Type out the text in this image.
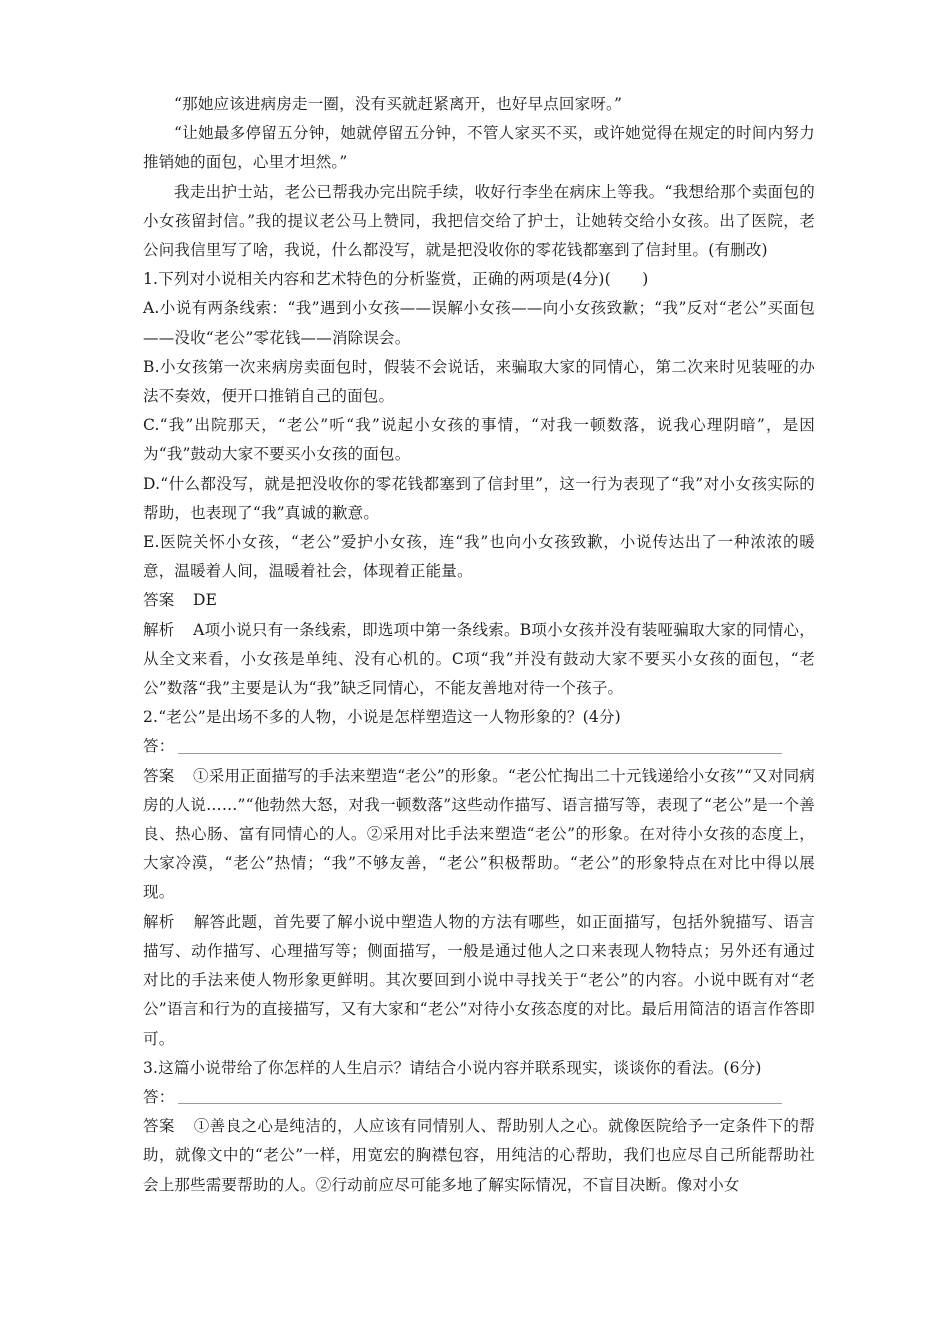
“那她应该进病房走一圈，没有买就赶紧离开，也好早点回家呀。”

“让她最多停留五分钟，她就停留五分钟，不管人家买不买，或许她觉得在规定的时间内努力推销她的面包，心里才坦然。”

我走出护士站，老公已帮我办完出院手续，收好行李坐在病床上等我。“我想给那个卖面包的小女孩留封信。”我的提议老公马上赞同，我把信交给了护士，让她转交给小女孩。出了医院，老公问我信里写了啥，我说，什么都没写，就是把没收你的零花钱都塞到了信封里。(有删改)

1.下列对小说相关内容和艺术特色的分析鉴赏，正确的两项是(4分)(　　)

A.小说有两条线索：“我”遇到小女孩——误解小女孩——向小女孩致歉；“我”反对“老公”买面包——没收“老公”零花钱——消除误会。

B.小女孩第一次来病房卖面包时，假装不会说话，来骗取大家的同情心，第二次来时见装哑的办法不奏效，便开口推销自己的面包。

C.“我”出院那天，“老公”听“我”说起小女孩的事情，“对我一顿数落，说我心理阴暗”，是因为“我”鼓动大家不要买小女孩的面包。

D.“什么都没写，就是把没收你的零花钱都塞到了信封里”，这一行为表现了“我”对小女孩实际的帮助，也表现了“我”真诚的歉意。

E.医院关怀小女孩，“老公”爱护小女孩，连“我”也向小女孩致歉，小说传达出了一种浓浓的暖意，温暖着人间，温暖着社会，体现着正能量。

答案 DE

解析 A项小说只有一条线索，即选项中第一条线索。B项小女孩并没有装哑骗取大家的同情心，从全文来看，小女孩是单纯、没有心机的。C项“我”并没有鼓动大家不要买小女孩的面包，“老公”数落“我”主要是认为“我”缺乏同情心，不能友善地对待一个孩子。

2.“老公”是出场不多的人物，小说是怎样塑造这一人物形象的？(4分)

答：

答案 ①采用正面描写的手法来塑造“老公”的形象。“老公忙掏出二十元钱递给小女孩”“又对同病房的人说……”“他勃然大怒，对我一顿数落”这些动作描写、语言描写等，表现了“老公”是一个善良、热心肠、富有同情心的人。②采用对比手法来塑造“老公”的形象。在对待小女孩的态度上，大家冷漠，“老公”热情；“我”不够友善，“老公”积极帮助。“老公”的形象特点在对比中得以展现。

解析 解答此题，首先要了解小说中塑造人物的方法有哪些，如正面描写，包括外貌描写、语言描写、动作描写、心理描写等；侧面描写，一般是通过他人之口来表现人物特点；另外还有通过对比的手法来使人物形象更鲜明。其次要回到小说中寻找关于“老公”的内容。小说中既有对“老公”语言和行为的直接描写，又有大家和“老公”对待小女孩态度的对比。最后用简洁的语言作答即可。

3.这篇小说带给了你怎样的人生启示？请结合小说内容并联系现实，谈谈你的看法。(6分)

答：

答案 ①善良之心是纯洁的，人应该有同情别人、帮助别人之心。就像医院给予一定条件下的帮助，就像文中的“老公”一样，用宽宏的胸襟包容，用纯洁的心帮助，我们也应尽自己所能帮助社会上那些需要帮助的人。②行动前应尽可能多地了解实际情况，不盲目决断。像对小女
